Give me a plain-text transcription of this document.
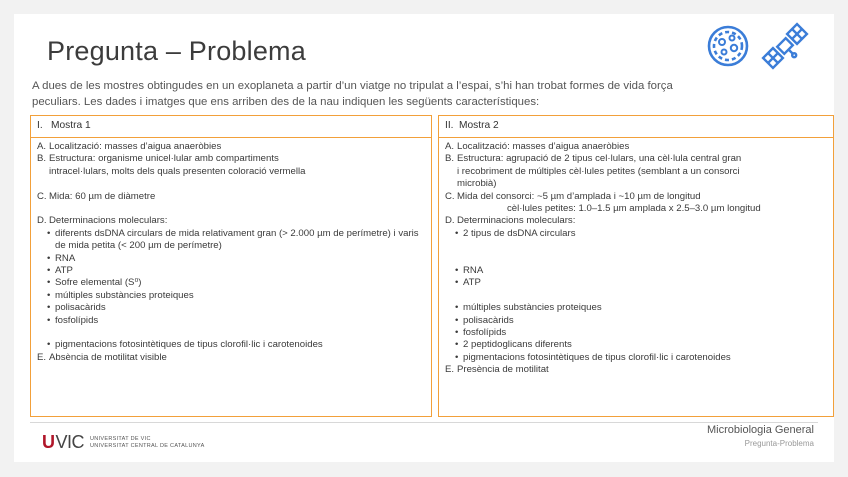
Pregunta – Problema

A dues de les mostres obtingudes en un exoplaneta a partir d’un viatge no tripulat a l’espai, s’hi han trobat formes de vida força
peculiars. Les dades i imatges que ens arriben des de la nau indiquen les següents característiques:

I. Mostra 1
A. Localització: masses d’aigua anaeròbies
B. Estructura: organisme unicel·lular amb compartiments
intracel·lulars, molts dels quals presenten coloració vermella
C. Mida: 60 µm de diàmetre
D. Determinacions moleculars:
• diferents dsDNA circulars de mida relativament gran (> 2.000 µm de perímetre) i varis de mida petita (< 200 µm de perímetre)
• RNA
• ATP
• Sofre elemental (S⁰)
• múltiples substàncies proteiques
• polisacàrids
• fosfolípids
• pigmentacions fotosintètiques de tipus clorofil·lic i carotenoides
E. Absència de motilitat visible
II. Mostra 2
A. Localització: masses d’aigua anaeròbies
B. Estructura: agrupació de 2 tipus cel·lulars, una cèl·lula central gran
i recobriment de múltiples cèl·lules petites (semblant a un consorci
microbià)
C. Mida del consorci: ~5 µm d’amplada i ~10 µm de longitud
cèl·lules petites: 1.0–1.5 µm amplada x 2.5–3.0 µm longitud
D. Determinacions moleculars:
• 2 tipus de dsDNA circulars
• RNA
• ATP
• múltiples substàncies proteiques
• polisacàrids
• fosfolípids
• 2 peptidoglicans diferents
• pigmentacions fotosintètiques de tipus clorofil·lic i carotenoides
E. Presència de motilitat
UVIC UNIVERSITAT DE VIC
UNIVERSITAT CENTRAL DE CATALUNYA
Microbiologia General
Pregunta-Problema
